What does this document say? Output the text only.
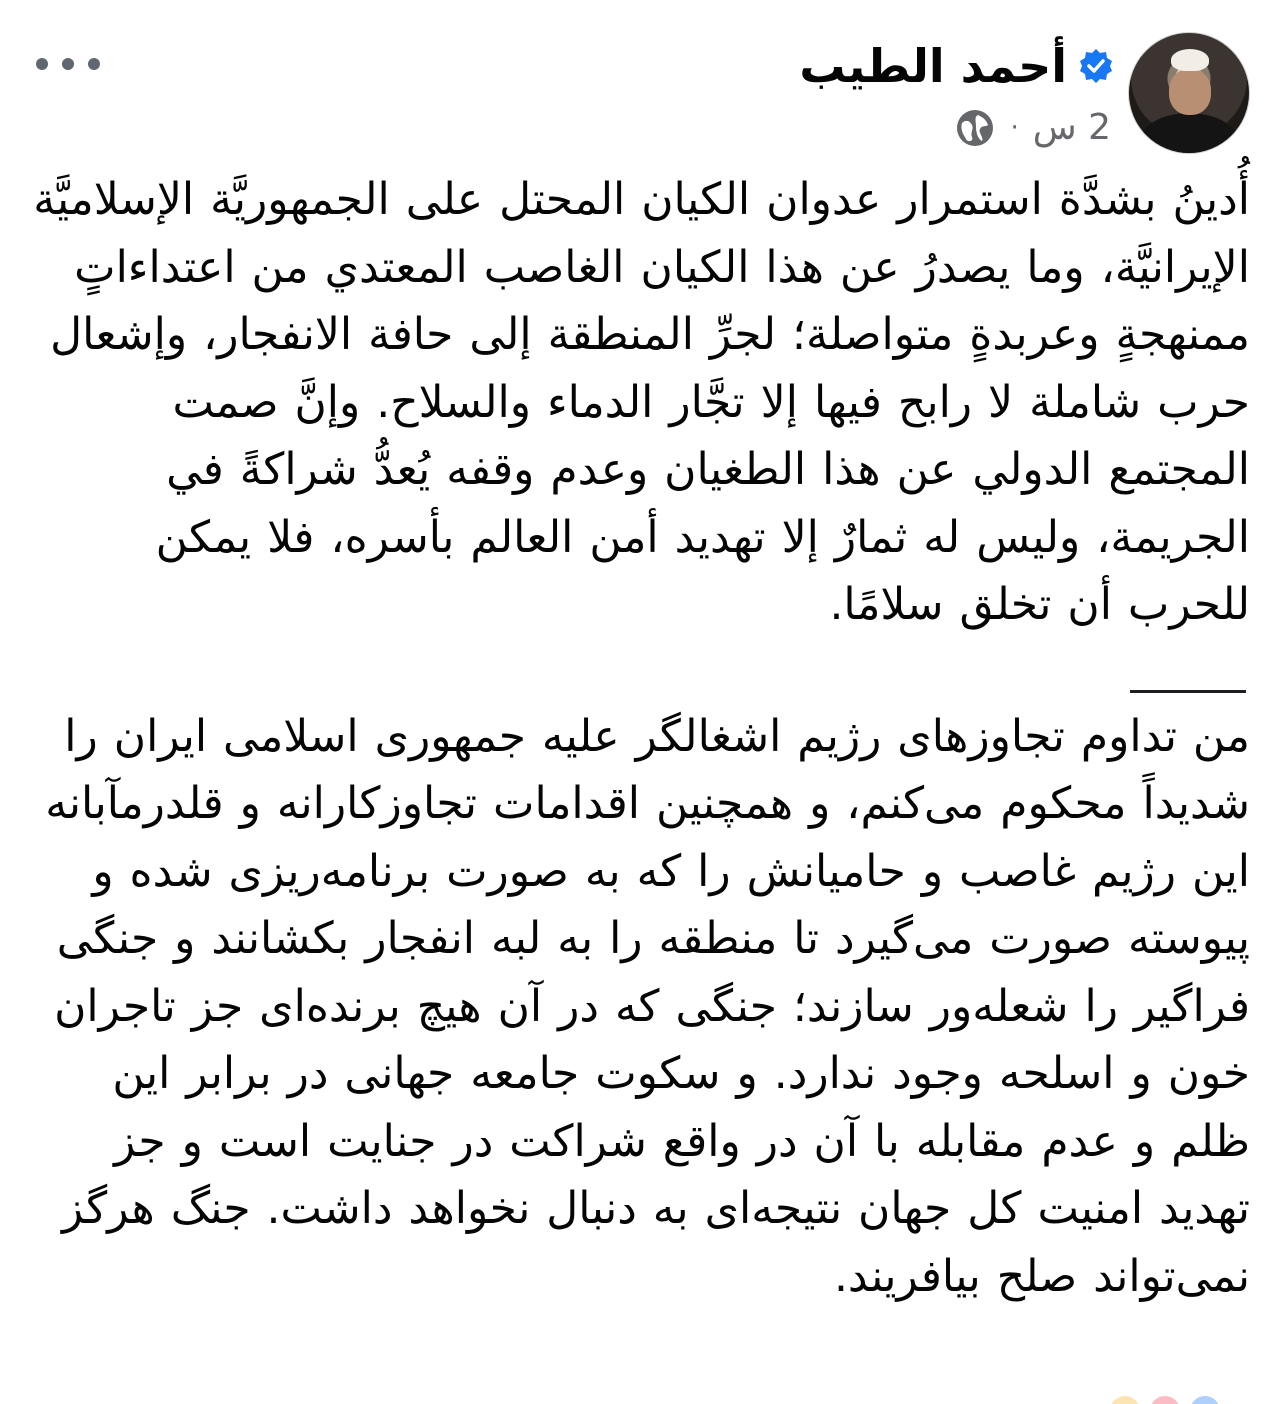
أحمد الطيب
2 س
·

أُدينُ بشدَّة استمرار عدوان الكيان المحتل على الجمهوريَّة الإسلاميَّة الإيرانيَّة، وما يصدرُ عن هذا الكيان الغاصب المعتدي من اعتداءاتٍ ممنهجةٍ وعربدةٍ متواصلة؛ لجرِّ المنطقة إلى حافة الانفجار، وإشعال حرب شاملة لا رابح فيها إلا تجَّار الدماء والسلاح. وإنَّ صمت المجتمع الدولي عن هذا الطغيان وعدم وقفه يُعدُّ شراكةً في الجريمة، وليس له ثمارٌ إلا تهديد أمن العالم بأسره، فلا يمكن للحرب أن تخلق سلامًا.

من تداوم تجاوزهای رژیم اشغالگر علیه جمهوری اسلامی ایران را شدیداً محکوم می‌کنم، و همچنین اقدامات تجاوزکارانه و قلدرمآبانه این رژیم غاصب و حامیانش را که به صورت برنامه‌ریزی شده و پیوسته صورت می‌گیرد تا منطقه را به لبه انفجار بکشانند و جنگی فراگیر را شعله‌ور سازند؛ جنگی که در آن هیچ برنده‌ای جز تاجران خون و اسلحه وجود ندارد. و سکوت جامعه جهانی در برابر این ظلم و عدم مقابله با آن در واقع شراکت در جنایت است و جز تهدید امنیت کل جهان نتیجه‌ای به دنبال نخواهد داشت. جنگ هرگز نمی‌تواند صلح بیافریند.
